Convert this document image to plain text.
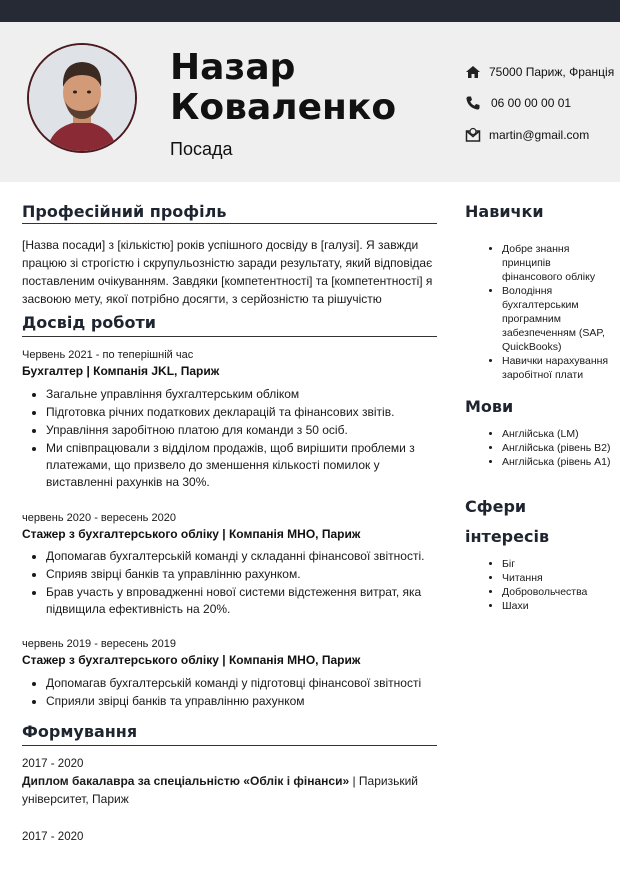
Назар
Коваленко
Посада
75000 Париж, Франція
06 00 00 00 01
martin@gmail.com
Професійний профіль
[Назва посади] з [кількістю] років успішного досвіду в [галузі]. Я завжди
працюю зі строгістю і скрупульозністю заради результату, який відповідає
поставленим очікуванням. Завдяки [компетентності] та [компетентності] я
засвоюю мету, якої потрібно досягти, з серйозністю та рішучістю
Досвід роботи
Червень 2021 - по теперішній час
Бухгалтер | Компанія JKL, Париж
• Загальне управління бухгалтерським обліком
• Підготовка річних податкових декларацій та фінансових звітів.
• Управління заробітною платою для команди з 50 осіб.
• Ми співпрацювали з відділом продажів, щоб вирішити проблеми з платежами, що призвело до зменшення кількості помилок у виставленні рахунків на 30%.
червень 2020 - вересень 2020
Стажер з бухгалтерського обліку | Компанія МНО, Париж
• Допомагав бухгалтерській команді у складанні фінансової звітності.
• Сприяв звірці банків та управлінню рахунком.
• Брав участь у впровадженні нової системи відстеження витрат, яка підвищила ефективність на 20%.
червень 2019 - вересень 2019
Стажер з бухгалтерського обліку | Компанія МНО, Париж
• Допомагав бухгалтерській команді у підготовці фінансової звітності
• Сприяли звірці банків та управлінню рахунком
Формування
2017 - 2020
Диплом бакалавра за спеціальністю «Облік і фінанси» | Паризький
університет, Париж
2017 - 2020
Навички
• Добре знання
принципів
фінансового обліку
• Володіння
бухгалтерським
програмним
забезпеченням (SAP,
QuickBooks)
• Навички нарахування
заробітної плати
Мови
• Англійська (LM)
• Англійська (рівень B2)
• Англійська (рівень A1)
Сфери
інтересів
• Біг
• Читання
• Добровольчества
• Шахи
